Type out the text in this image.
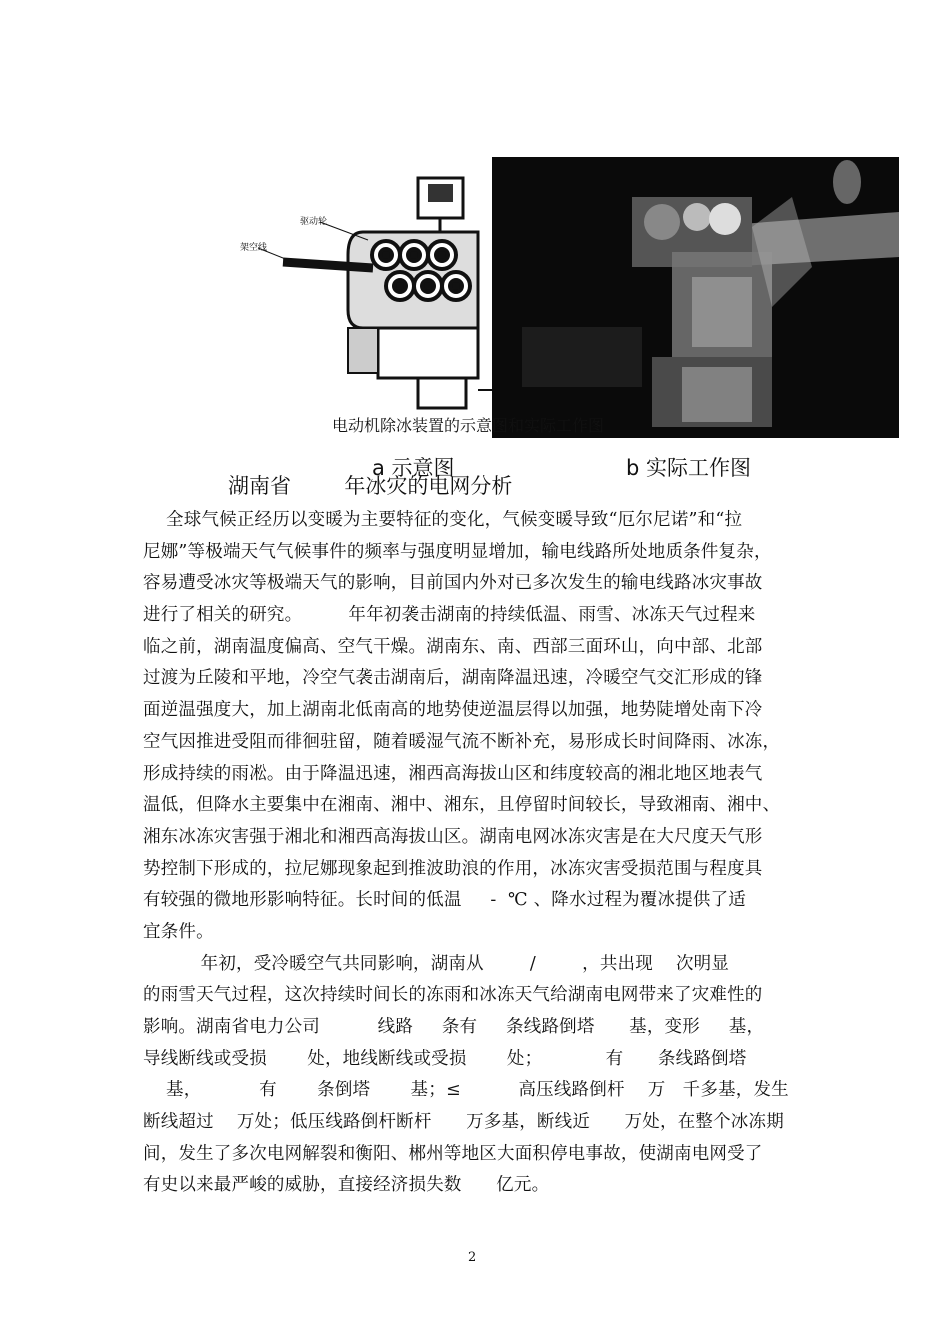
驱动轮
架空线
电动机除冰装置的示意图和实际工作图
a 示意图	b 实际工作图
湖南省        年冰灾的电网分析
全球气候正经历以变暖为主要特征的变化，气候变暖导致“厄尔尼诺”和“拉
尼娜”等极端天气气候事件的频率与强度明显增加，输电线路所处地质条件复杂，
容易遭受冰灾等极端天气的影响，目前国内外对已多次发生的输电线路冰灾事故
进行了相关的研究。        年年初袭击湖南的持续低温、雨雪、冰冻天气过程来
临之前，湖南温度偏高、空气干燥。湖南东、南、西部三面环山，向中部、北部
过渡为丘陵和平地，冷空气袭击湖南后，湖南降温迅速，冷暖空气交汇形成的锋
面逆温强度大，加上湖南北低南高的地势使逆温层得以加强，地势陡增处南下冷
空气因推进受阻而徘徊驻留，随着暖湿气流不断补充，易形成长时间降雨、冰冻，
形成持续的雨凇。由于降温迅速，湘西高海拔山区和纬度较高的湘北地区地表气
温低，但降水主要集中在湘南、湘中、湘东，且停留时间较长，导致湘南、湘中、
湘东冰冻灾害强于湘北和湘西高海拔山区。湖南电网冰冻灾害是在大尺度天气形
势控制下形成的，拉尼娜现象起到推波助浪的作用，冰冻灾害受损范围与程度具
有较强的微地形影响特征。长时间的低温     -  ℃ 、降水过程为覆冰提供了适
宜条件。
年初，受冷暖空气共同影响，湖南从        /        ，共出现    次明显
的雨雪天气过程，这次持续时间长的冻雨和冰冻天气给湖南电网带来了灾难性的
影响。湖南省电力公司          线路     条有     条线路倒塔      基，变形     基，
导线断线或受损       处，地线断线或受损       处；           有      条线路倒塔
基，          有       条倒塔       基；≤          高压线路倒杆    万   千多基，发生
断线超过    万处；低压线路倒杆断杆      万多基，断线近      万处，在整个冰冻期
间，发生了多次电网解裂和衡阳、郴州等地区大面积停电事故，使湖南电网受了
有史以来最严峻的威胁，直接经济损失数      亿元。
2
